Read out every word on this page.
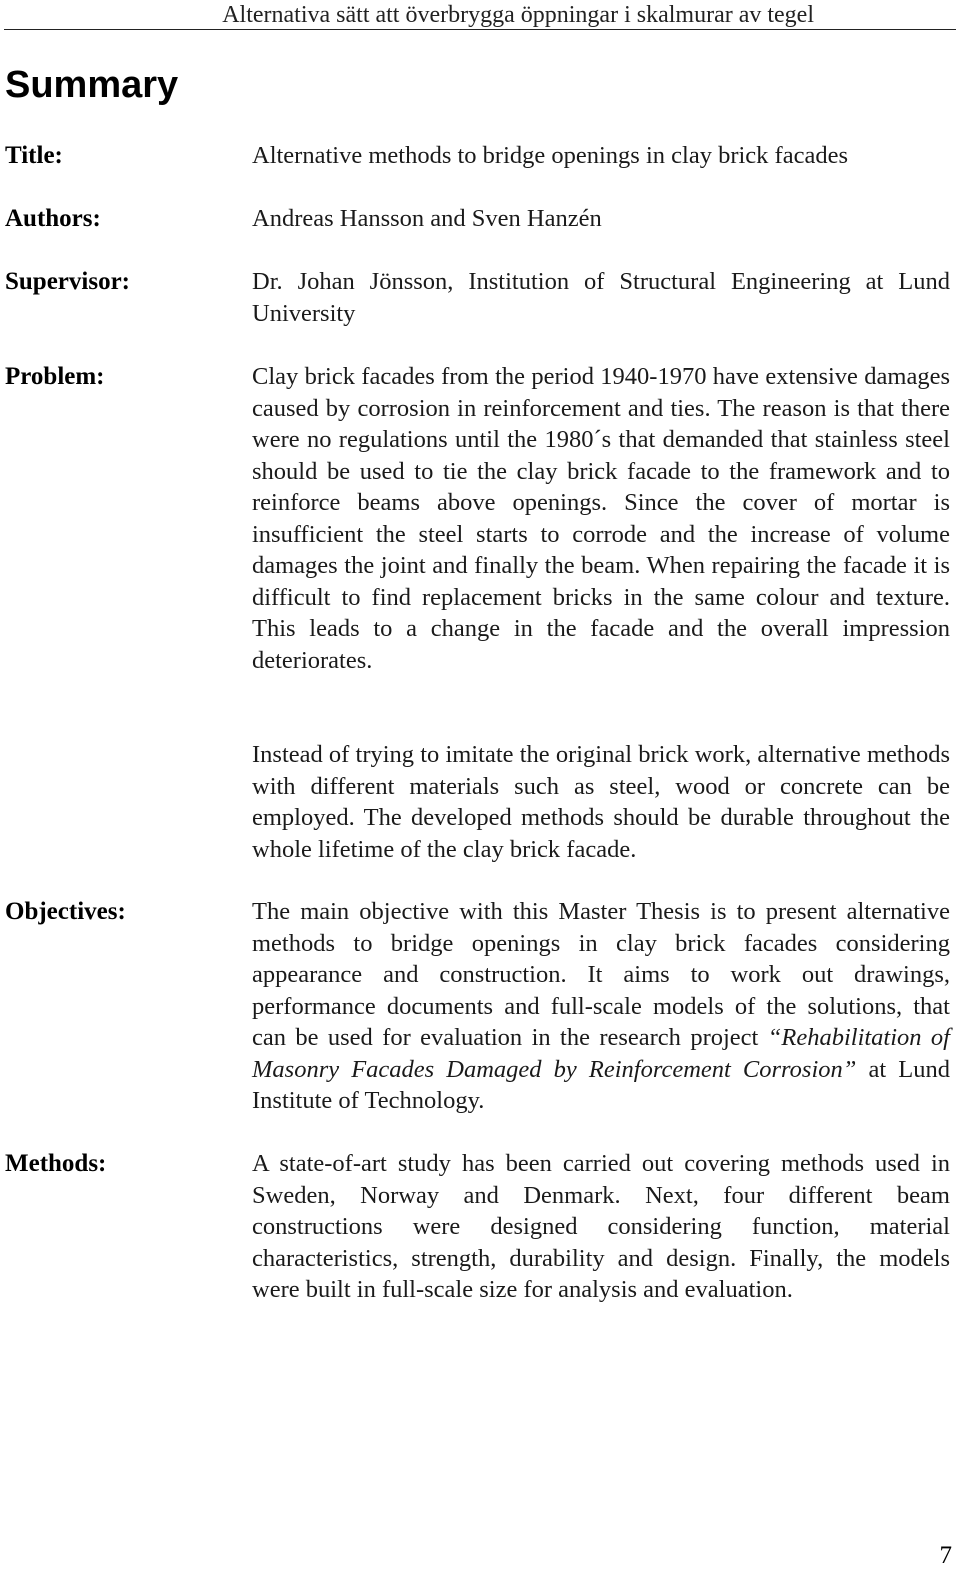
Alternativa sätt att överbrygga öppningar i skalmurar av tegel
Summary
Title:	Alternative methods to bridge openings in clay brick facades

Authors:	Andreas Hansson and Sven Hanzén

Supervisor:	Dr. Johan Jönsson, Institution of Structural Engineering at Lund University

Problem:	Clay brick facades from the period 1940-1970 have extensive damages caused by corrosion in reinforcement and ties. The reason is that there were no regulations until the 1980´s that demanded that stainless steel should be used to tie the clay brick facade to the framework and to reinforce beams above openings. Since the cover of mortar is insufficient the steel starts to corrode and the increase of volume damages the joint and finally the beam. When repairing the facade it is difficult to find replacement bricks in the same colour and texture. This leads to a change in the facade and the overall impression deteriorates.

Instead of trying to imitate the original brick work, alternative methods with different materials such as steel, wood or concrete can be employed. The developed methods should be durable throughout the whole lifetime of the clay brick facade.

Objectives:	The main objective with this Master Thesis is to present alternative methods to bridge openings in clay brick facades considering appearance and construction. It aims to work out drawings, performance documents and full-scale models of the solutions, that can be used for evaluation in the research project “Rehabilitation of Masonry Facades Damaged by Reinforcement Corrosion” at Lund Institute of Technology.

Methods:	A state-of-art study has been carried out covering methods used in Sweden, Norway and Denmark. Next, four different beam constructions were designed considering function, material characteristics, strength, durability and design. Finally, the models were built in full-scale size for analysis and evaluation.

7
